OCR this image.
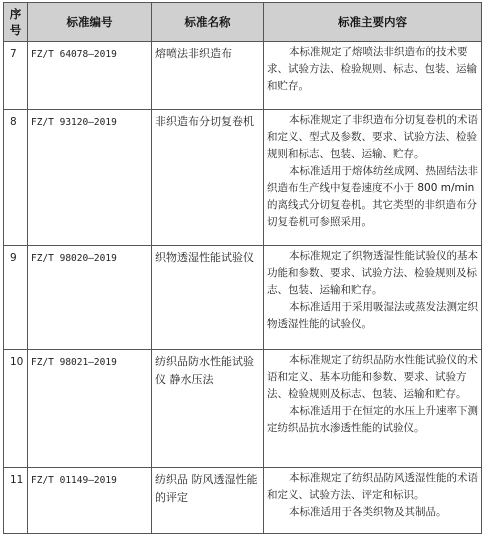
序号	标准编号	标准名称	标准主要内容
7	FZ/T 64078—2019	熔喷法非织造布	本标准规定了熔喷法非织造布的技术要求、试验方法、检验规则、标志、包装、运输和贮存。

8	FZ/T 93120—2019	非织造布分切复卷机	本标准规定了非织造布分切复卷机的术语和定义、型式及参数、要求、试验方法、检验规则和标志、包装、运输、贮存。

本标准适用于熔体纺丝成网、热固结法非织造布生产线中复卷速度不小于 800 m/min的离线式分切复卷机。其它类型的非织造布分切复卷机可参照采用。

9	FZ/T 98020—2019	织物透湿性能试验仪	本标准规定了织物透湿性能试验仪的基本功能和参数、要求、试验方法、检验规则及标志、包装、运输和贮存。

本标准适用于采用吸湿法或蒸发法测定织物透湿性能的试验仪。

10	FZ/T 98021—2019	纺织品防水性能试验仪 静水压法	本标准规定了纺织品防水性能试验仪的术语和定义、基本功能和参数、要求、试验方法、检验规则及标志、包装、运输和贮存。

本标准适用于在恒定的水压上升速率下测定纺织品抗水渗透性能的试验仪。

11	FZ/T 01149—2019	纺织品 防风透湿性能的评定	本标准规定了纺织品防风透湿性能的术语和定义、试验方法、评定和标识。

本标准适用于各类织物及其制品。
